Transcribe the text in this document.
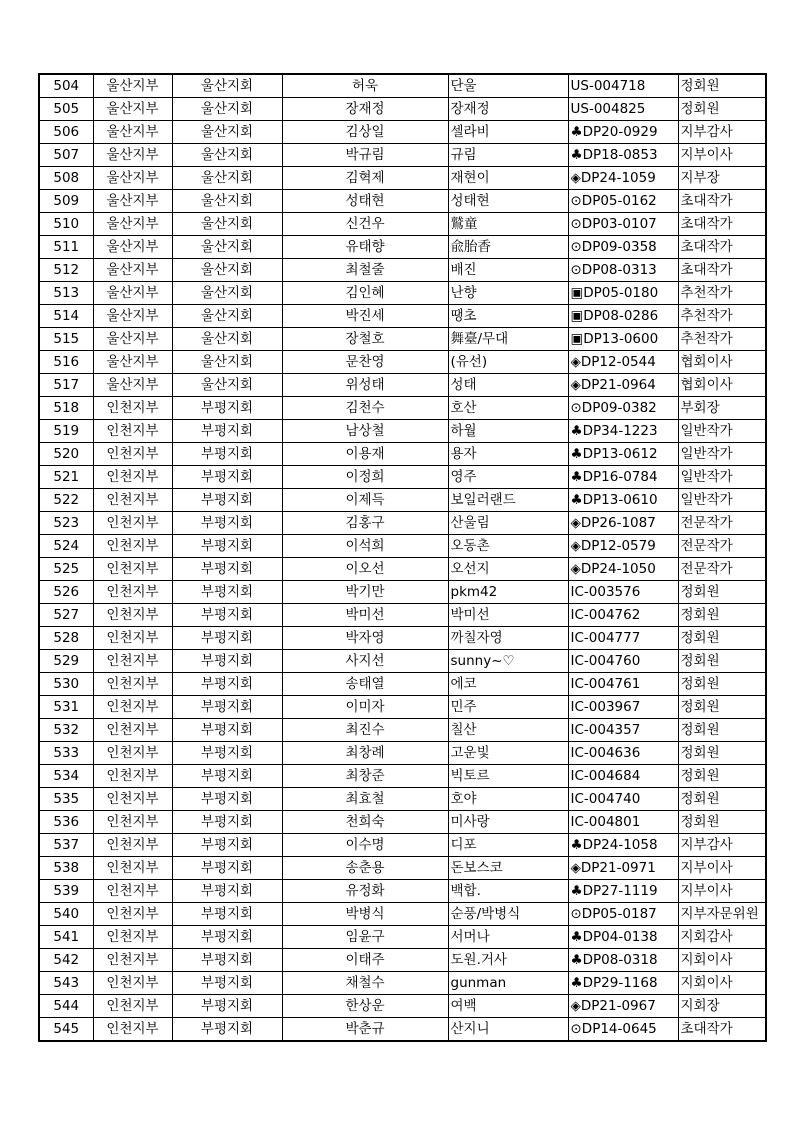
504	울산지부	울산지회	허욱	단울	US-004718	정회원
505	울산지부	울산지회	장재정	장재정	US-004825	정회원
506	울산지부	울산지회	김상일	셀라비	♣DP20-0929	지부감사
507	울산지부	울산지회	박규림	규림	♣DP18-0853	지부이사
508	울산지부	울산지회	김혁제	재현이	◈DP24-1059	지부장
509	울산지부	울산지회	성태현	성태현	⊙DP05-0162	초대작가
510	울산지부	울산지회	신건우	鷲童	⊙DP03-0107	초대작가
511	울산지부	울산지회	유태향	兪胎香	⊙DP09-0358	초대작가
512	울산지부	울산지회	최철줄	배진	⊙DP08-0313	초대작가
513	울산지부	울산지회	김인혜	난향	▣DP05-0180	추천작가
514	울산지부	울산지회	박진세	땡초	▣DP08-0286	추천작가
515	울산지부	울산지회	장철호	舞臺/무대	▣DP13-0600	추천작가
516	울산지부	울산지회	문찬영	(유선)	◈DP12-0544	협회이사
517	울산지부	울산지회	위성태	성태	◈DP21-0964	협회이사
518	인천지부	부평지회	김천수	호산	⊙DP09-0382	부회장
519	인천지부	부평지회	남상철	하월	♣DP34-1223	일반작가
520	인천지부	부평지회	이용재	용자	♣DP13-0612	일반작가
521	인천지부	부평지회	이정희	영주	♣DP16-0784	일반작가
522	인천지부	부평지회	이제득	보일러랜드	♣DP13-0610	일반작가
523	인천지부	부평지회	김홍구	산울림	◈DP26-1087	전문작가
524	인천지부	부평지회	이석희	오동촌	◈DP12-0579	전문작가
525	인천지부	부평지회	이오선	오선지	◈DP24-1050	전문작가
526	인천지부	부평지회	박기만	pkm42	IC-003576	정회원
527	인천지부	부평지회	박미선	박미선	IC-004762	정회원
528	인천지부	부평지회	박자영	까칠자영	IC-004777	정회원
529	인천지부	부평지회	사지선	sunny~♡	IC-004760	정회원
530	인천지부	부평지회	송태열	에코	IC-004761	정회원
531	인천지부	부평지회	이미자	민주	IC-003967	정회원
532	인천지부	부평지회	최진수	칠산	IC-004357	정회원
533	인천지부	부평지회	최창례	고운빛	IC-004636	정회원
534	인천지부	부평지회	최창준	빅토르	IC-004684	정회원
535	인천지부	부평지회	최효철	호야	IC-004740	정회원
536	인천지부	부평지회	천희숙	미사랑	IC-004801	정회원
537	인천지부	부평지회	이수명	디포	♣DP24-1058	지부감사
538	인천지부	부평지회	송춘용	돈보스코	◈DP21-0971	지부이사
539	인천지부	부평지회	유정화	백합.	♣DP27-1119	지부이사
540	인천지부	부평지회	박병식	순풍/박병식	⊙DP05-0187	지부자문위원
541	인천지부	부평지회	임윤구	서머나	♣DP04-0138	지회감사
542	인천지부	부평지회	이태주	도원.거사	♣DP08-0318	지회이사
543	인천지부	부평지회	채철수	gunman	♣DP29-1168	지회이사
544	인천지부	부평지회	한상운	여백	◈DP21-0967	지회장
545	인천지부	부평지회	박춘규	산지니	⊙DP14-0645	초대작가
